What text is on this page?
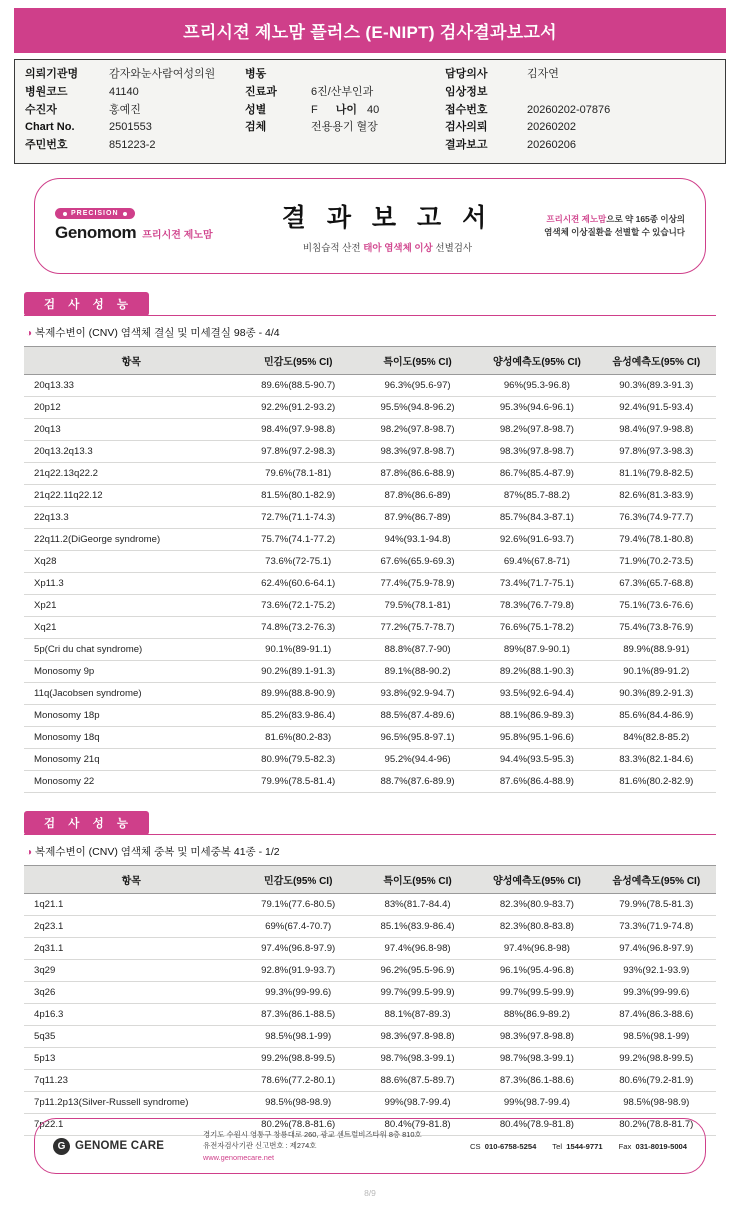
프리시젼 제노맘 플러스 (E-NIPT) 검사결과보고서
의뢰기관명	감자와눈사람여성의원
병원코드	41140
수진자	홍예진
Chart No.	2501553
주민번호	851223-2
병동
진료과	6진/산부인과
성별	F 나이 40
검체	전용용기 혈장
담당의사	김자연
임상정보
접수번호	20260202-07876
검사의뢰	20260202
결과보고	20260206
PRECISION
Genomom 프리시젼 제노맘
결 과 보 고 서
비침습적 산전 태아 염색체 이상 선별검사
프리시젼 제노맘으로 약 165종 이상의
염색체 이상질환을 선별할 수 있습니다
검 사 성 능
◑ 복제수변이 (CNV) 염색체 결실 및 미세결실 98종 - 4/4
항목	민감도(95% CI)	특이도(95% CI)	양성예측도(95% CI)	음성예측도(95% CI)
20q13.33	89.6%(88.5-90.7)	96.3%(95.6-97)	96%(95.3-96.8)	90.3%(89.3-91.3)
20p12	92.2%(91.2-93.2)	95.5%(94.8-96.2)	95.3%(94.6-96.1)	92.4%(91.5-93.4)
20q13	98.4%(97.9-98.8)	98.2%(97.8-98.7)	98.2%(97.8-98.7)	98.4%(97.9-98.8)
20q13.2q13.3	97.8%(97.2-98.3)	98.3%(97.8-98.7)	98.3%(97.8-98.7)	97.8%(97.3-98.3)
21q22.13q22.2	79.6%(78.1-81)	87.8%(86.6-88.9)	86.7%(85.4-87.9)	81.1%(79.8-82.5)
21q22.11q22.12	81.5%(80.1-82.9)	87.8%(86.6-89)	87%(85.7-88.2)	82.6%(81.3-83.9)
22q13.3	72.7%(71.1-74.3)	87.9%(86.7-89)	85.7%(84.3-87.1)	76.3%(74.9-77.7)
22q11.2(DiGeorge syndrome)	75.7%(74.1-77.2)	94%(93.1-94.8)	92.6%(91.6-93.7)	79.4%(78.1-80.8)
Xq28	73.6%(72-75.1)	67.6%(65.9-69.3)	69.4%(67.8-71)	71.9%(70.2-73.5)
Xp11.3	62.4%(60.6-64.1)	77.4%(75.9-78.9)	73.4%(71.7-75.1)	67.3%(65.7-68.8)
Xp21	73.6%(72.1-75.2)	79.5%(78.1-81)	78.3%(76.7-79.8)	75.1%(73.6-76.6)
Xq21	74.8%(73.2-76.3)	77.2%(75.7-78.7)	76.6%(75.1-78.2)	75.4%(73.8-76.9)
5p(Cri du chat syndrome)	90.1%(89-91.1)	88.8%(87.7-90)	89%(87.9-90.1)	89.9%(88.9-91)
Monosomy 9p	90.2%(89.1-91.3)	89.1%(88-90.2)	89.2%(88.1-90.3)	90.1%(89-91.2)
11q(Jacobsen syndrome)	89.9%(88.8-90.9)	93.8%(92.9-94.7)	93.5%(92.6-94.4)	90.3%(89.2-91.3)
Monosomy 18p	85.2%(83.9-86.4)	88.5%(87.4-89.6)	88.1%(86.9-89.3)	85.6%(84.4-86.9)
Monosomy 18q	81.6%(80.2-83)	96.5%(95.8-97.1)	95.8%(95.1-96.6)	84%(82.8-85.2)
Monosomy 21q	80.9%(79.5-82.3)	95.2%(94.4-96)	94.4%(93.5-95.3)	83.3%(82.1-84.6)
Monosomy 22	79.9%(78.5-81.4)	88.7%(87.6-89.9)	87.6%(86.4-88.9)	81.6%(80.2-82.9)
검 사 성 능
◑ 복제수변이 (CNV) 염색체 중복 및 미세중복 41종 - 1/2
항목	민감도(95% CI)	특이도(95% CI)	양성예측도(95% CI)	음성예측도(95% CI)
1q21.1	79.1%(77.6-80.5)	83%(81.7-84.4)	82.3%(80.9-83.7)	79.9%(78.5-81.3)
2q23.1	69%(67.4-70.7)	85.1%(83.9-86.4)	82.3%(80.8-83.8)	73.3%(71.9-74.8)
2q31.1	97.4%(96.8-97.9)	97.4%(96.8-98)	97.4%(96.8-98)	97.4%(96.8-97.9)
3q29	92.8%(91.9-93.7)	96.2%(95.5-96.9)	96.1%(95.4-96.8)	93%(92.1-93.9)
3q26	99.3%(99-99.6)	99.7%(99.5-99.9)	99.7%(99.5-99.9)	99.3%(99-99.6)
4p16.3	87.3%(86.1-88.5)	88.1%(87-89.3)	88%(86.9-89.2)	87.4%(86.3-88.6)
5q35	98.5%(98.1-99)	98.3%(97.8-98.8)	98.3%(97.8-98.8)	98.5%(98.1-99)
5p13	99.2%(98.8-99.5)	98.7%(98.3-99.1)	98.7%(98.3-99.1)	99.2%(98.8-99.5)
7q11.23	78.6%(77.2-80.1)	88.6%(87.5-89.7)	87.3%(86.1-88.6)	80.6%(79.2-81.9)
7p11.2p13(Silver-Russell syndrome)	98.5%(98-98.9)	99%(98.7-99.4)	99%(98.7-99.4)	98.5%(98-98.9)
7p22.1	80.2%(78.8-81.6)	80.4%(79-81.8)	80.4%(78.9-81.8)	80.2%(78.8-81.7)
G GENOME CARE
경기도 수원시 영통구 창룡대로 260, 광교 센트럴비즈타워 8층 810호
유전자검사기관 신고번호 : 제274호
www.genomecare.net
CS 010-6758-5254 Tel 1544-9771 Fax 031-8019-5004
8/9
